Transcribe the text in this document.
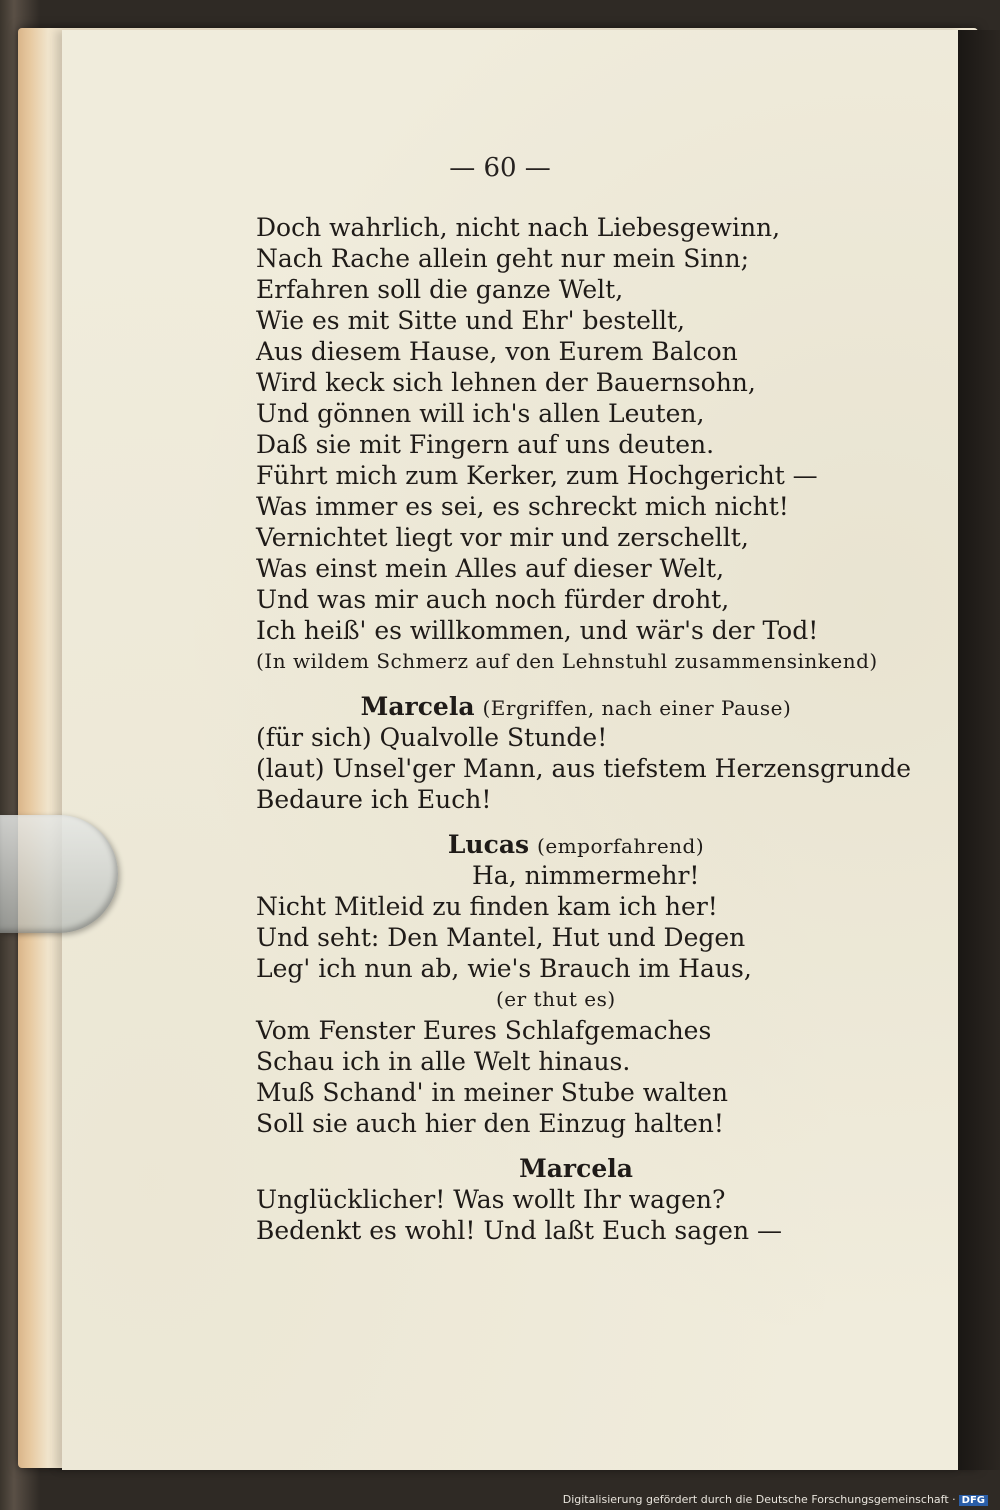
— 60 —
Doch wahrlich, nicht nach Liebesgewinn,
Nach Rache allein geht nur mein Sinn;
Erfahren soll die ganze Welt,
Wie es mit Sitte und Ehr' bestellt,
Aus diesem Hause, von Eurem Balcon
Wird keck sich lehnen der Bauernsohn,
Und gönnen will ich's allen Leuten,
Daß sie mit Fingern auf uns deuten.
Führt mich zum Kerker, zum Hochgericht —
Was immer es sei, es schreckt mich nicht!
Vernichtet liegt vor mir und zerschellt,
Was einst mein Alles auf dieser Welt,
Und was mir auch noch fürder droht,
Ich heiß' es willkommen, und wär's der Tod!
(In wildem Schmerz auf den Lehnstuhl zusammensinkend)
Marcela (Ergriffen, nach einer Pause)
(für sich) Qualvolle Stunde!
(laut) Unsel'ger Mann, aus tiefstem Herzensgrunde
Bedaure ich Euch!
Lucas (emporfahrend)
Ha, nimmermehr!
Nicht Mitleid zu finden kam ich her!
Und seht: Den Mantel, Hut und Degen
Leg' ich nun ab, wie's Brauch im Haus,
(er thut es)
Vom Fenster Eures Schlafgemaches
Schau ich in alle Welt hinaus.
Muß Schand' in meiner Stube walten
Soll sie auch hier den Einzug halten!
Marcela
Unglücklicher! Was wollt Ihr wagen?
Bedenkt es wohl! Und laßt Euch sagen —
Digitalisierung gefördert durch die Deutsche Forschungsgemeinschaft · DFG
